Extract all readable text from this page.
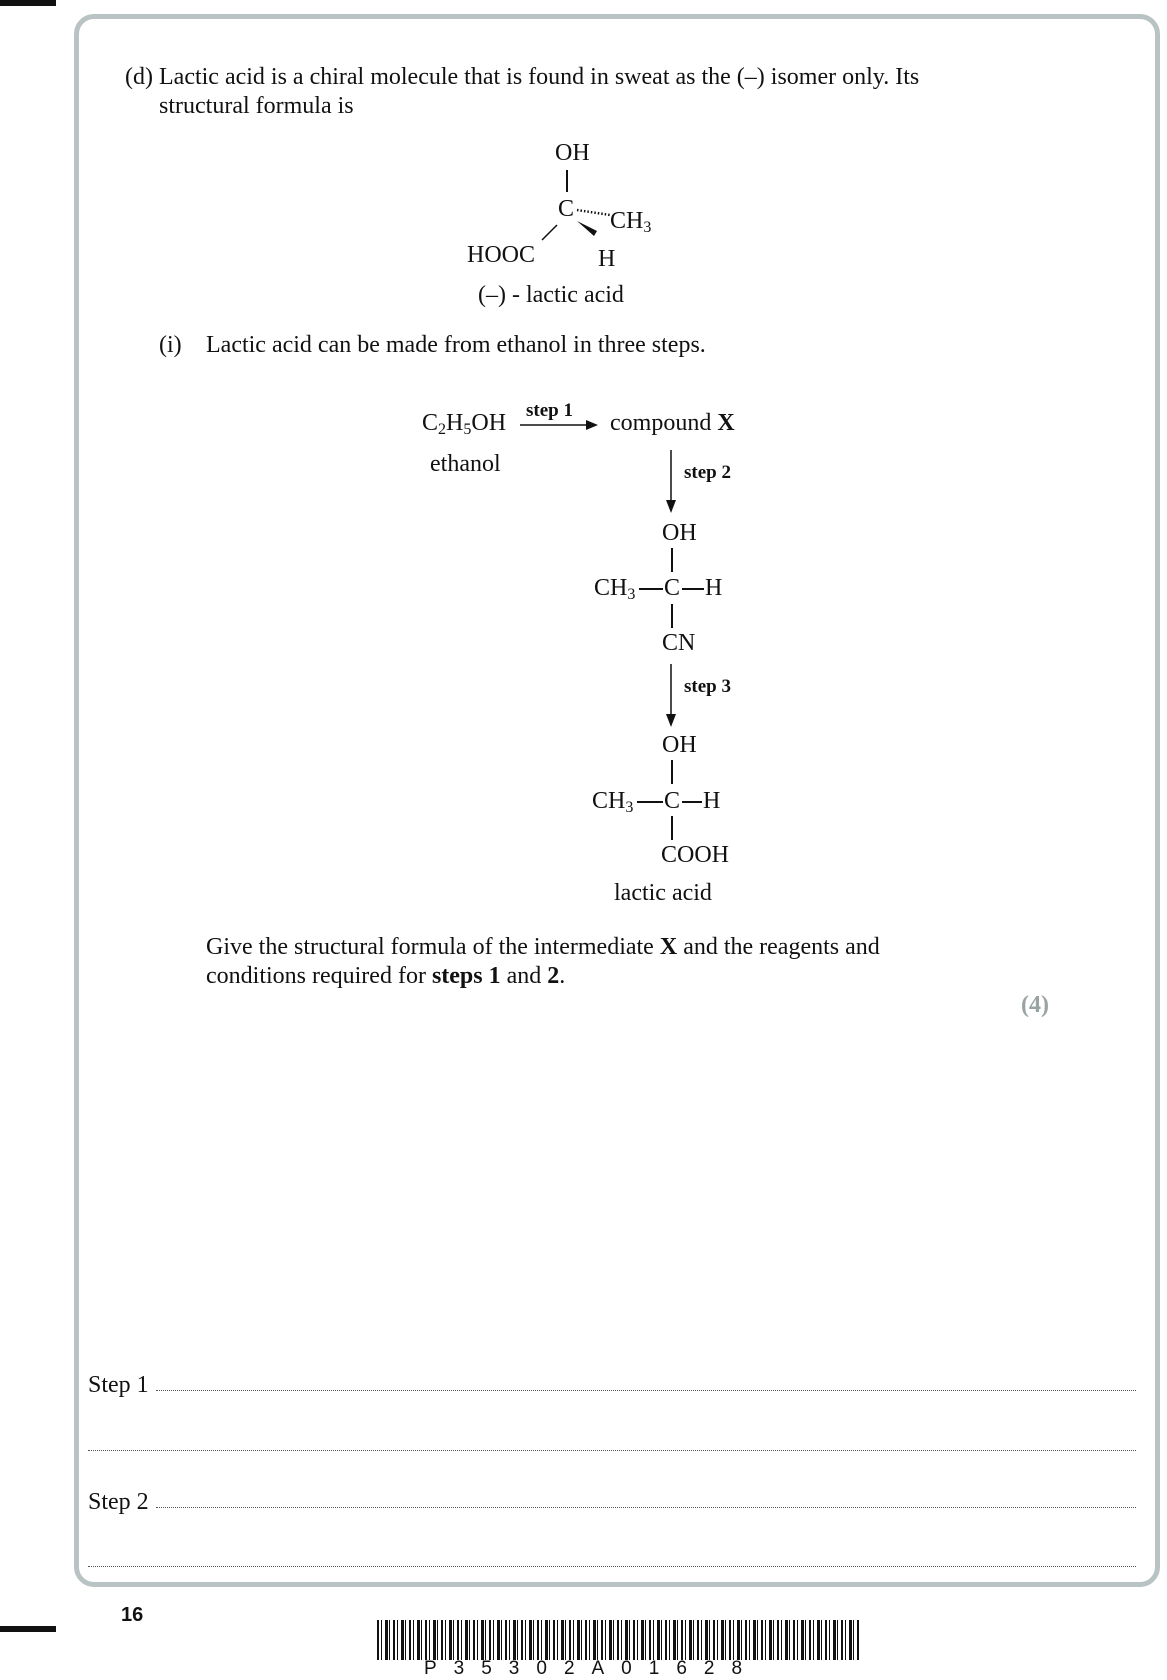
(d) Lactic acid is a chiral molecule that is found in sweat as the (–) isomer only. Its
structural formula is
OH
C $CH_3$
HOOC	H
(–) - lactic acid
(i) Lactic acid can be made from ethanol in three steps.
$C_2H_5OH$
ethanol
step 1 compound X
step 2
OH
$CH_3$ C H
CN
step 3
OH
$CH_3$ C H
COOH
lactic acid
Give the structural formula of the intermediate X and the reagents and
conditions required for steps 1 and 2.
(4)
Step 1
Step 2
16
P35302A01628
